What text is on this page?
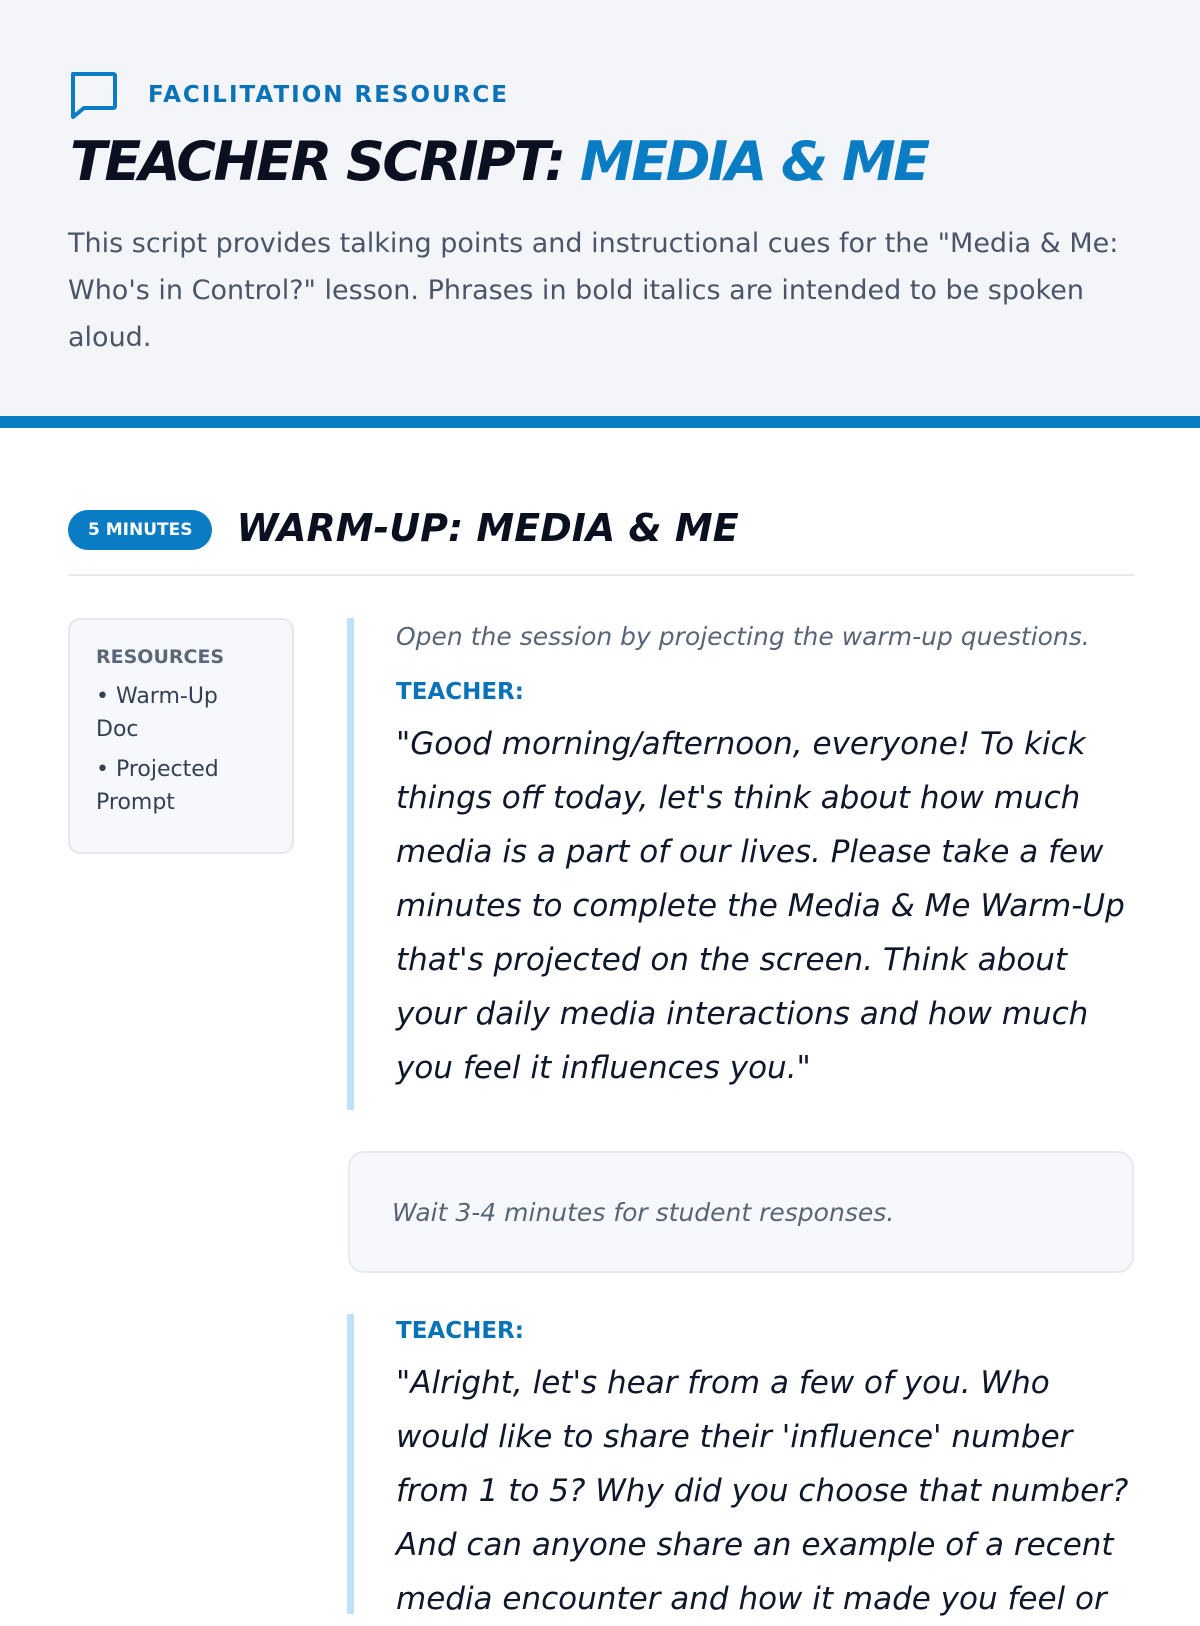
FACILITATION RESOURCE
TEACHER SCRIPT: MEDIA & ME

This script provides talking points and instructional cues for the "Media & Me: Who's in Control?" lesson. Phrases in bold italics are intended to be spoken aloud.

5 MINUTES	WARM-UP: MEDIA & ME
RESOURCES
• Warm-Up Doc
• Projected Prompt

Open the session by projecting the warm-up questions.

TEACHER:

"Good morning/afternoon, everyone! To kick things off today, let's think about how much media is a part of our lives. Please take a few minutes to complete the Media & Me Warm-Up that's projected on the screen. Think about your daily media interactions and how much you feel it influences you."

Wait 3-4 minutes for student responses.

TEACHER:

"Alright, let's hear from a few of you. Who would like to share their 'influence' number from 1 to 5? Why did you choose that number? And can anyone share an example of a recent media encounter and how it made you feel or
